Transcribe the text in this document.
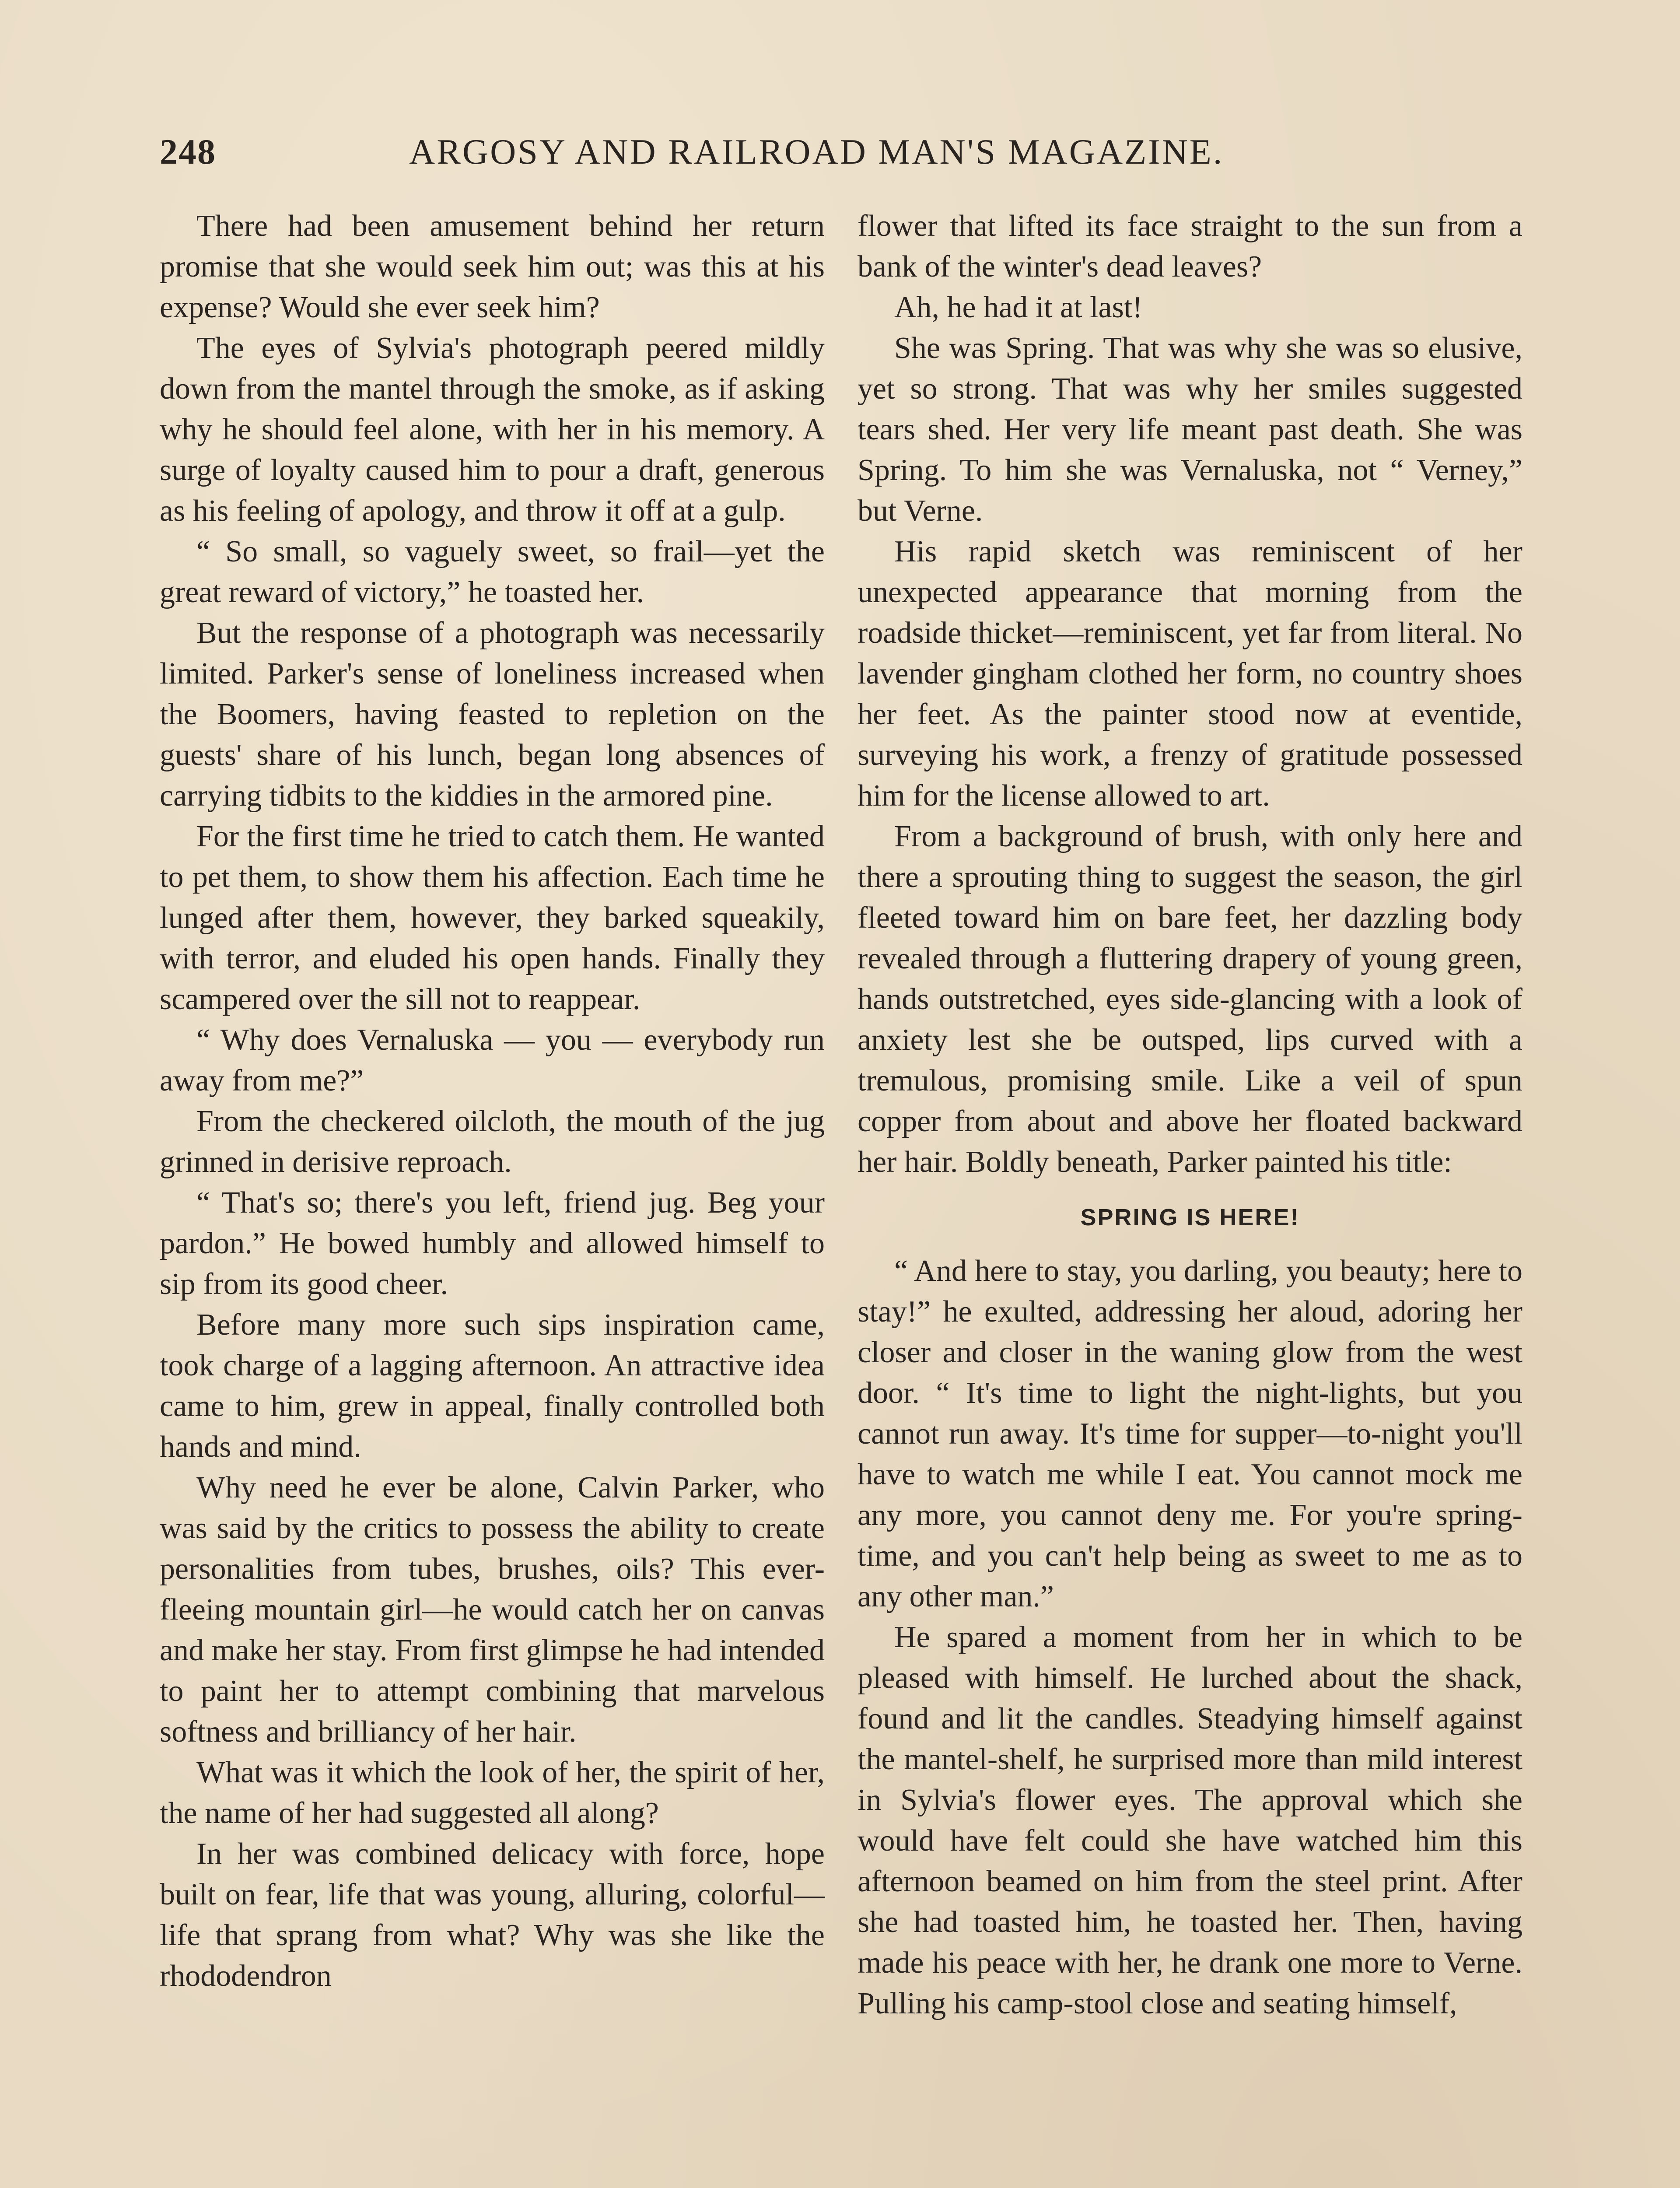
248	ARGOSY AND RAILROAD MAN'S MAGAZINE.

There had been amusement behind her return promise that she would seek him out; was this at his expense? Would she ever seek him?

The eyes of Sylvia's photograph peered mildly down from the mantel through the smoke, as if asking why he should feel alone, with her in his memory. A surge of loyalty caused him to pour a draft, generous as his feeling of apology, and throw it off at a gulp.

“ So small, so vaguely sweet, so frail—yet the great reward of victory,” he toasted her.

But the response of a photograph was necessarily limited. Parker's sense of loneliness increased when the Boomers, having feasted to repletion on the guests' share of his lunch, began long absences of carrying tidbits to the kiddies in the armored pine.

For the first time he tried to catch them. He wanted to pet them, to show them his affection. Each time he lunged after them, however, they barked squeakily, with terror, and eluded his open hands. Finally they scampered over the sill not to reappear.

“ Why does Vernaluska — you — everybody run away from me?”

From the checkered oilcloth, the mouth of the jug grinned in derisive reproach.

“ That's so; there's you left, friend jug. Beg your pardon.” He bowed humbly and allowed himself to sip from its good cheer.

Before many more such sips inspiration came, took charge of a lagging afternoon. An attractive idea came to him, grew in appeal, finally controlled both hands and mind.

Why need he ever be alone, Calvin Parker, who was said by the critics to possess the ability to create personalities from tubes, brushes, oils? This ever-fleeing mountain girl—he would catch her on canvas and make her stay. From first glimpse he had intended to paint her to attempt combining that marvelous softness and brilliancy of her hair.

What was it which the look of her, the spirit of her, the name of her had suggested all along?

In her was combined delicacy with force, hope built on fear, life that was young, alluring, colorful—life that sprang from what? Why was she like the rhododendron

flower that lifted its face straight to the sun from a bank of the winter's dead leaves?

Ah, he had it at last!

She was Spring. That was why she was so elusive, yet so strong. That was why her smiles suggested tears shed. Her very life meant past death. She was Spring. To him she was Vernaluska, not “ Verney,” but Verne.

His rapid sketch was reminiscent of her unexpected appearance that morning from the roadside thicket—reminiscent, yet far from literal. No lavender gingham clothed her form, no country shoes her feet. As the painter stood now at eventide, surveying his work, a frenzy of gratitude possessed him for the license allowed to art.

From a background of brush, with only here and there a sprouting thing to suggest the season, the girl fleeted toward him on bare feet, her dazzling body revealed through a fluttering drapery of young green, hands outstretched, eyes side-glancing with a look of anxiety lest she be outsped, lips curved with a tremulous, promising smile. Like a veil of spun copper from about and above her floated backward her hair. Boldly beneath, Parker painted his title:

SPRING IS HERE!

“ And here to stay, you darling, you beauty; here to stay!” he exulted, addressing her aloud, adoring her closer and closer in the waning glow from the west door. “ It's time to light the night-lights, but you cannot run away. It's time for supper—to-night you'll have to watch me while I eat. You cannot mock me any more, you cannot deny me. For you're spring-time, and you can't help being as sweet to me as to any other man.”

He spared a moment from her in which to be pleased with himself. He lurched about the shack, found and lit the candles. Steadying himself against the mantel-shelf, he surprised more than mild interest in Sylvia's flower eyes. The approval which she would have felt could she have watched him this afternoon beamed on him from the steel print. After she had toasted him, he toasted her. Then, having made his peace with her, he drank one more to Verne. Pulling his camp-stool close and seating himself,
